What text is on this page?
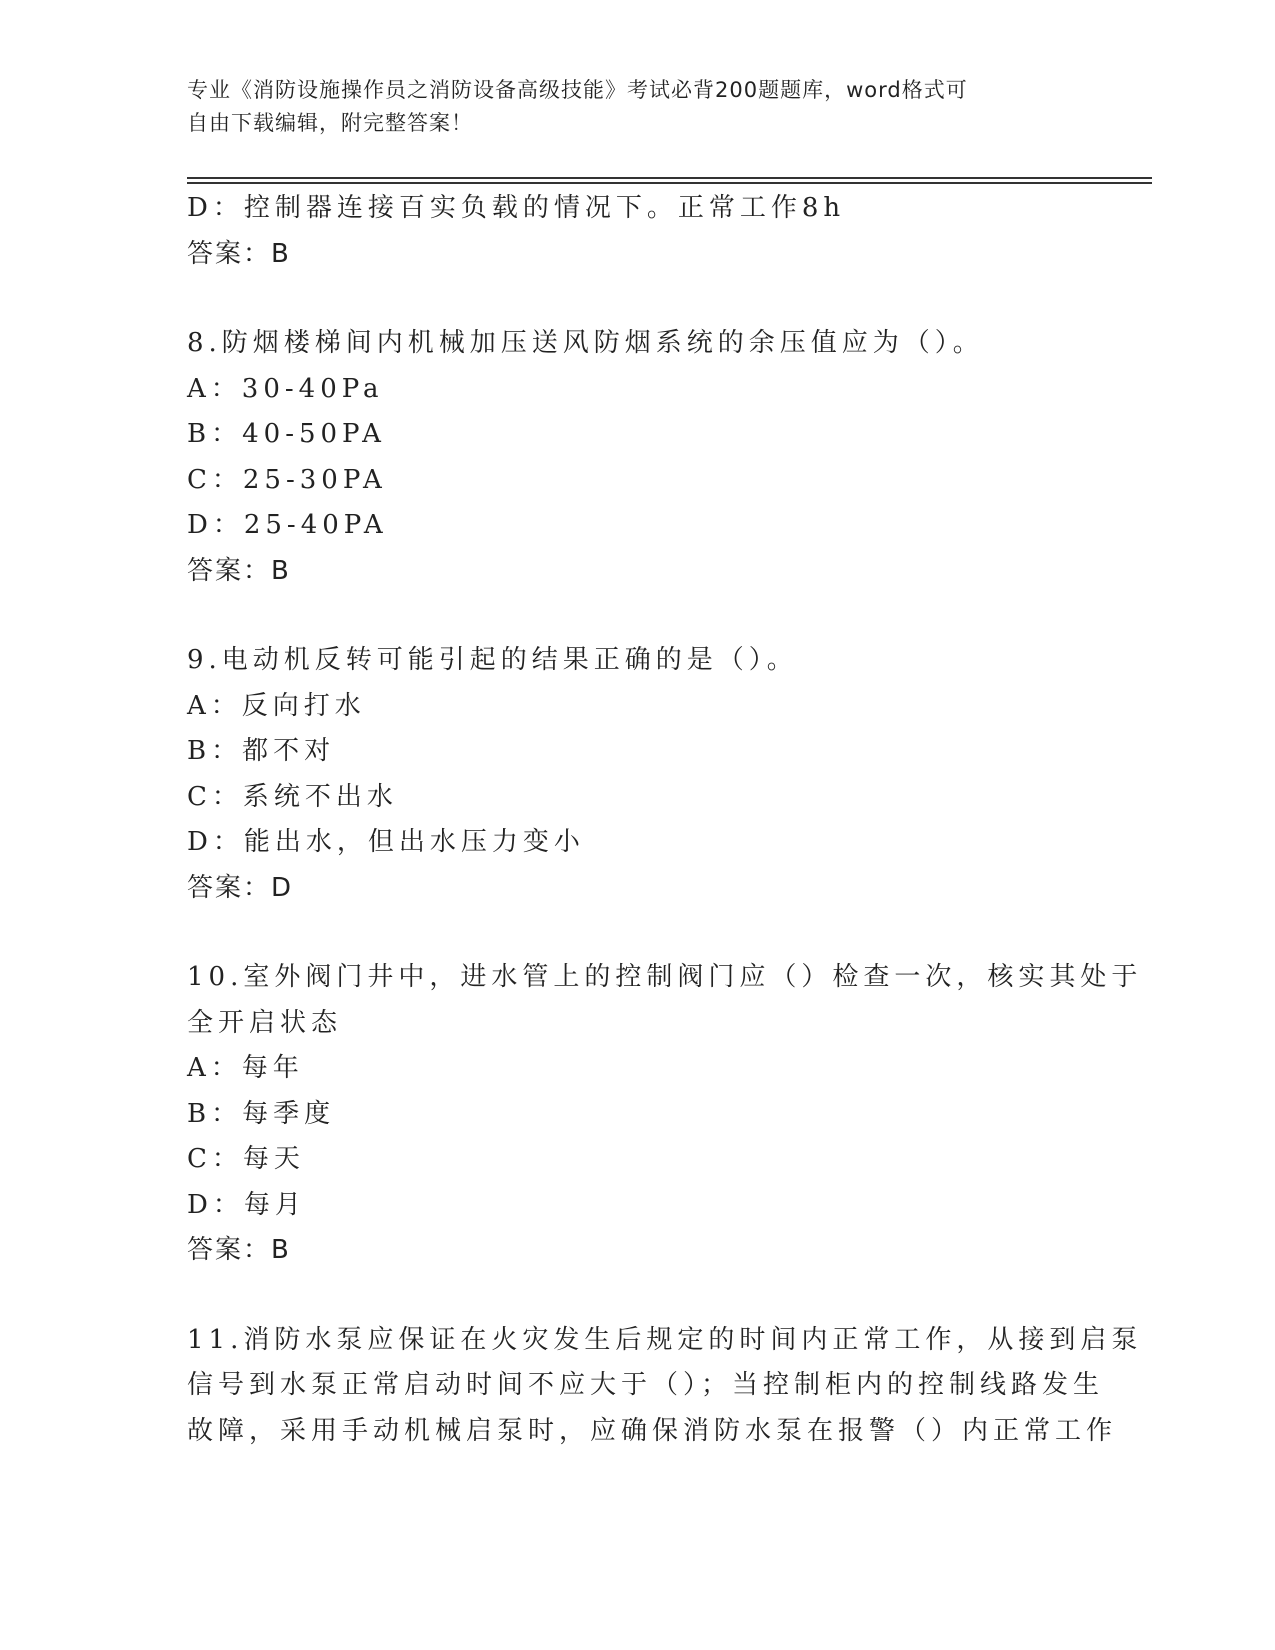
专业《消防设施操作员之消防设备高级技能》考试必背200题题库，word格式可
自由下载编辑，附完整答案！
D：控制器连接百实负载的情况下。正常工作8h
答案：B
8.防烟楼梯间内机械加压送风防烟系统的余压值应为（）。
A：30-40Pa
B：40-50PA
C：25-30PA
D：25-40PA
答案：B
9.电动机反转可能引起的结果正确的是（）。
A：反向打水
B：都不对
C：系统不出水
D：能出水，但出水压力变小
答案：D
10.室外阀门井中，进水管上的控制阀门应（）检查一次，核实其处于
全开启状态
A：每年
B：每季度
C：每天
D：每月
答案：B
11.消防水泵应保证在火灾发生后规定的时间内正常工作，从接到启泵
信号到水泵正常启动时间不应大于（）；当控制柜内的控制线路发生
故障，采用手动机械启泵时，应确保消防水泵在报警（）内正常工作
